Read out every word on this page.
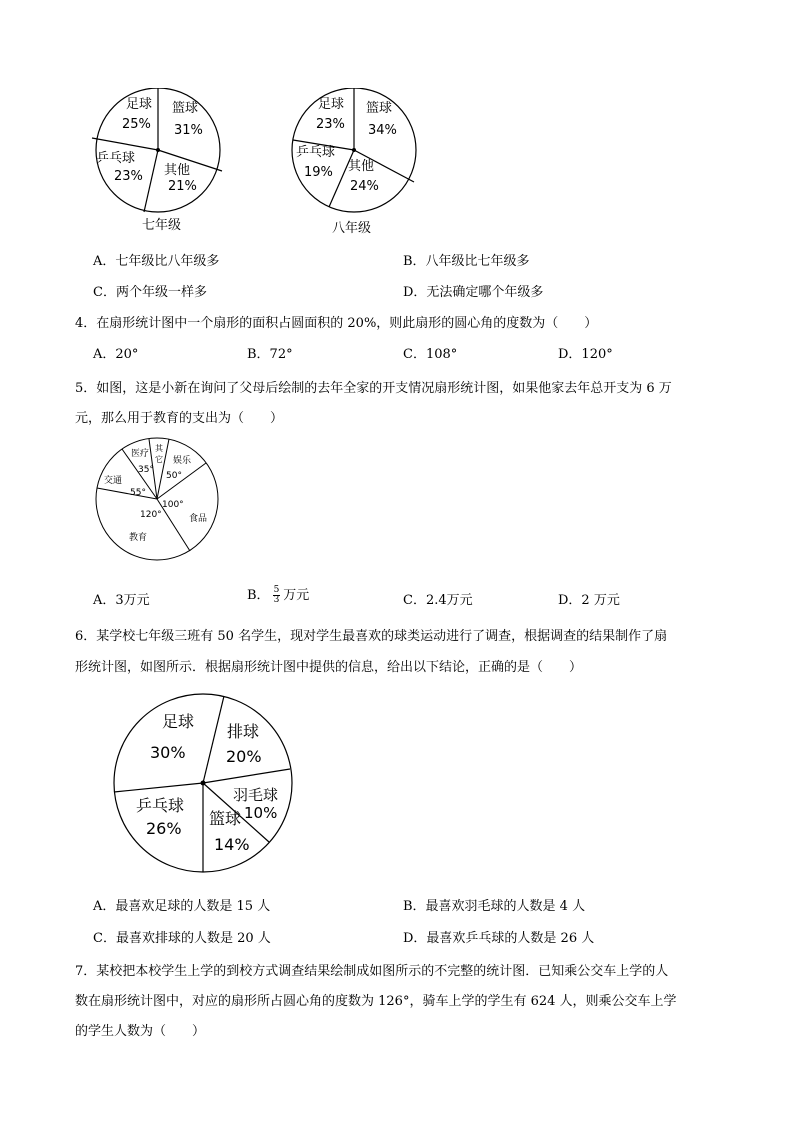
足球
25%
篮球
31%
乒乓球
23% 其他
21%
七年级
足球
23%
篮球
34%
乒乓球
19% 其他
24%
八年级
A．七年级比八年级多	B．八年级比七年级多
C．两个年级一样多	D．无法确定哪个年级多
4．在扇形统计图中一个扇形的面积占圆面积的 20%，则此扇形的圆心角的度数为（　　）
A．20°	B．72°	C．108°	D．120°
5．如图，这是小新在询问了父母后绘制的去年全家的开支情况扇形统计图，如果他家去年总开支为 6 万
元，那么用于教育的支出为（　　）
医疗
35°
其
它 娱乐
50°
交通
55°
100°
食品
120°
教育
A．3万元	B． $\frac{5}{3}$ 万元	C．2.4万元	D．2 万元
6．某学校七年级三班有 50 名学生，现对学生最喜欢的球类运动进行了调查，根据调查的结果制作了扇
形统计图，如图所示．根据扇形统计图中提供的信息，给出以下结论，正确的是（　　）
足球
30%
排球
20%
羽毛球
10%
篮球
14%
乒乓球
26%
A．最喜欢足球的人数是 15 人	B．最喜欢羽毛球的人数是 4 人
C．最喜欢排球的人数是 20 人	D．最喜欢乒乓球的人数是 26 人
7．某校把本校学生上学的到校方式调查结果绘制成如图所示的不完整的统计图．已知乘公交车上学的人
数在扇形统计图中，对应的扇形所占圆心角的度数为 126°，骑车上学的学生有 624 人，则乘公交车上学
的学生人数为（　　）
